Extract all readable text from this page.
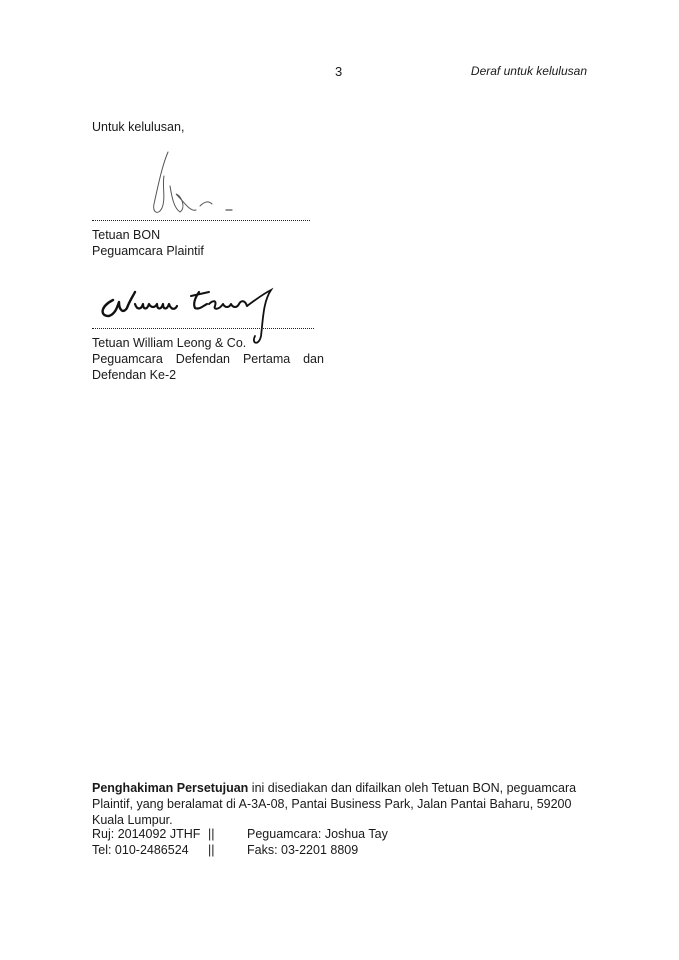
3	Deraf untuk kelulusan
Untuk kelulusan,
Tetuan BON
Peguamcara Plaintif
Tetuan William Leong & Co.
Peguamcara Defendan Pertama dan
Defendan Ke-2
Penghakiman Persetujuan ini disediakan dan difailkan oleh Tetuan BON, peguamcara Plaintif, yang beralamat di A-3A-08, Pantai Business Park, Jalan Pantai Baharu, 59200 Kuala Lumpur.
Ruj: 2014092 JTHF ||	Peguamcara: Joshua Tay
Tel: 010-2486524 ||	Faks: 03-2201 8809
